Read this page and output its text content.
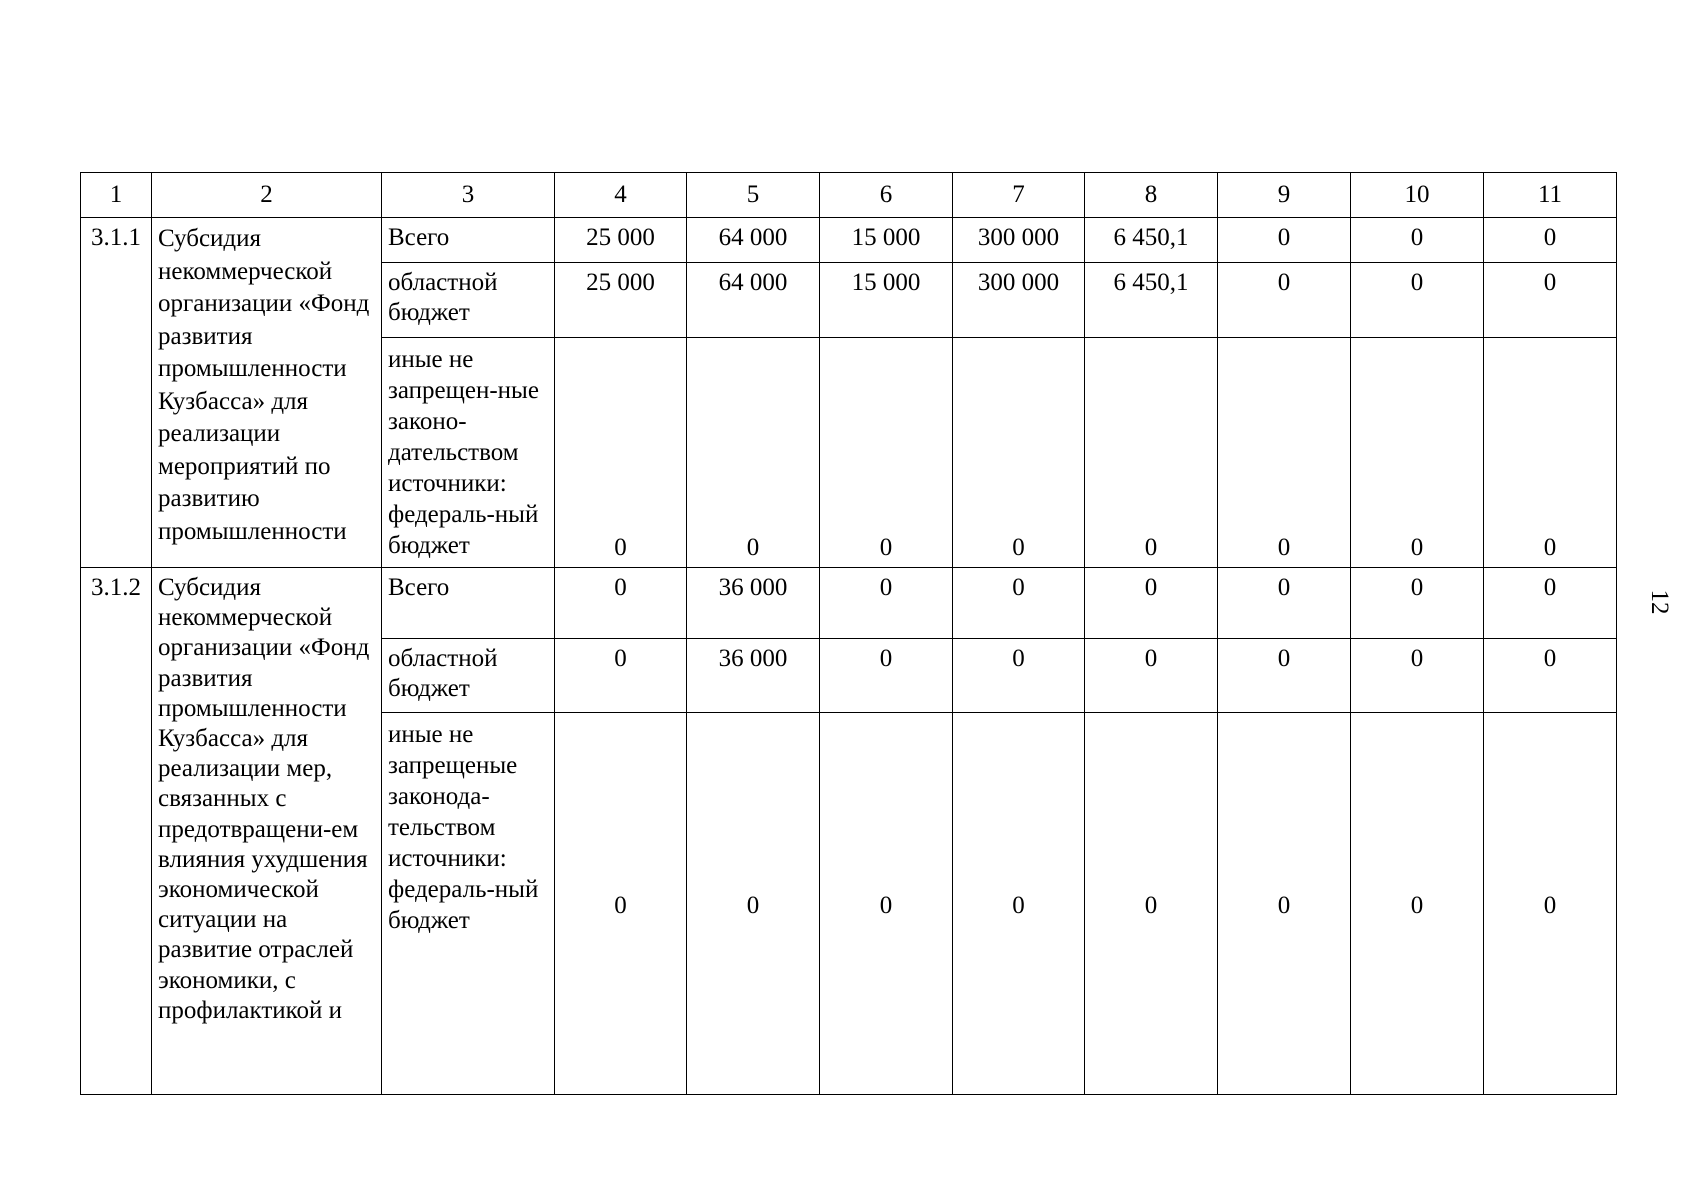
1	2	3	4	5	6	7	8	9	10	11
3.1.1	Субсидия некоммерческой организации «Фонд развития промышленности Кузбасса» для реализации мероприятий по развитию промышленности	Всего	25 000	64 000	15 000	300 000	6 450,1	0	0	0
		областной бюджет	25 000	64 000	15 000	300 000	6 450,1	0	0	0
		иные не запрещен-ные законо-дательством источники: федераль-ный бюджет	0	0	0	0	0	0	0	0
3.1.2	Субсидия некоммерческой организации «Фонд развития промышленности Кузбасса» для реализации мер, связанных с предотвращени-ем влияния ухудшения экономической ситуации на развитие отраслей экономики, с профилактикой и	Всего	0	36 000	0	0	0	0	0	0
		областной бюджет	0	36 000	0	0	0	0	0	0
		иные не запрещеные законода-тельством источники: федераль-ный бюджет	0	0	0	0	0	0	0	0
12
